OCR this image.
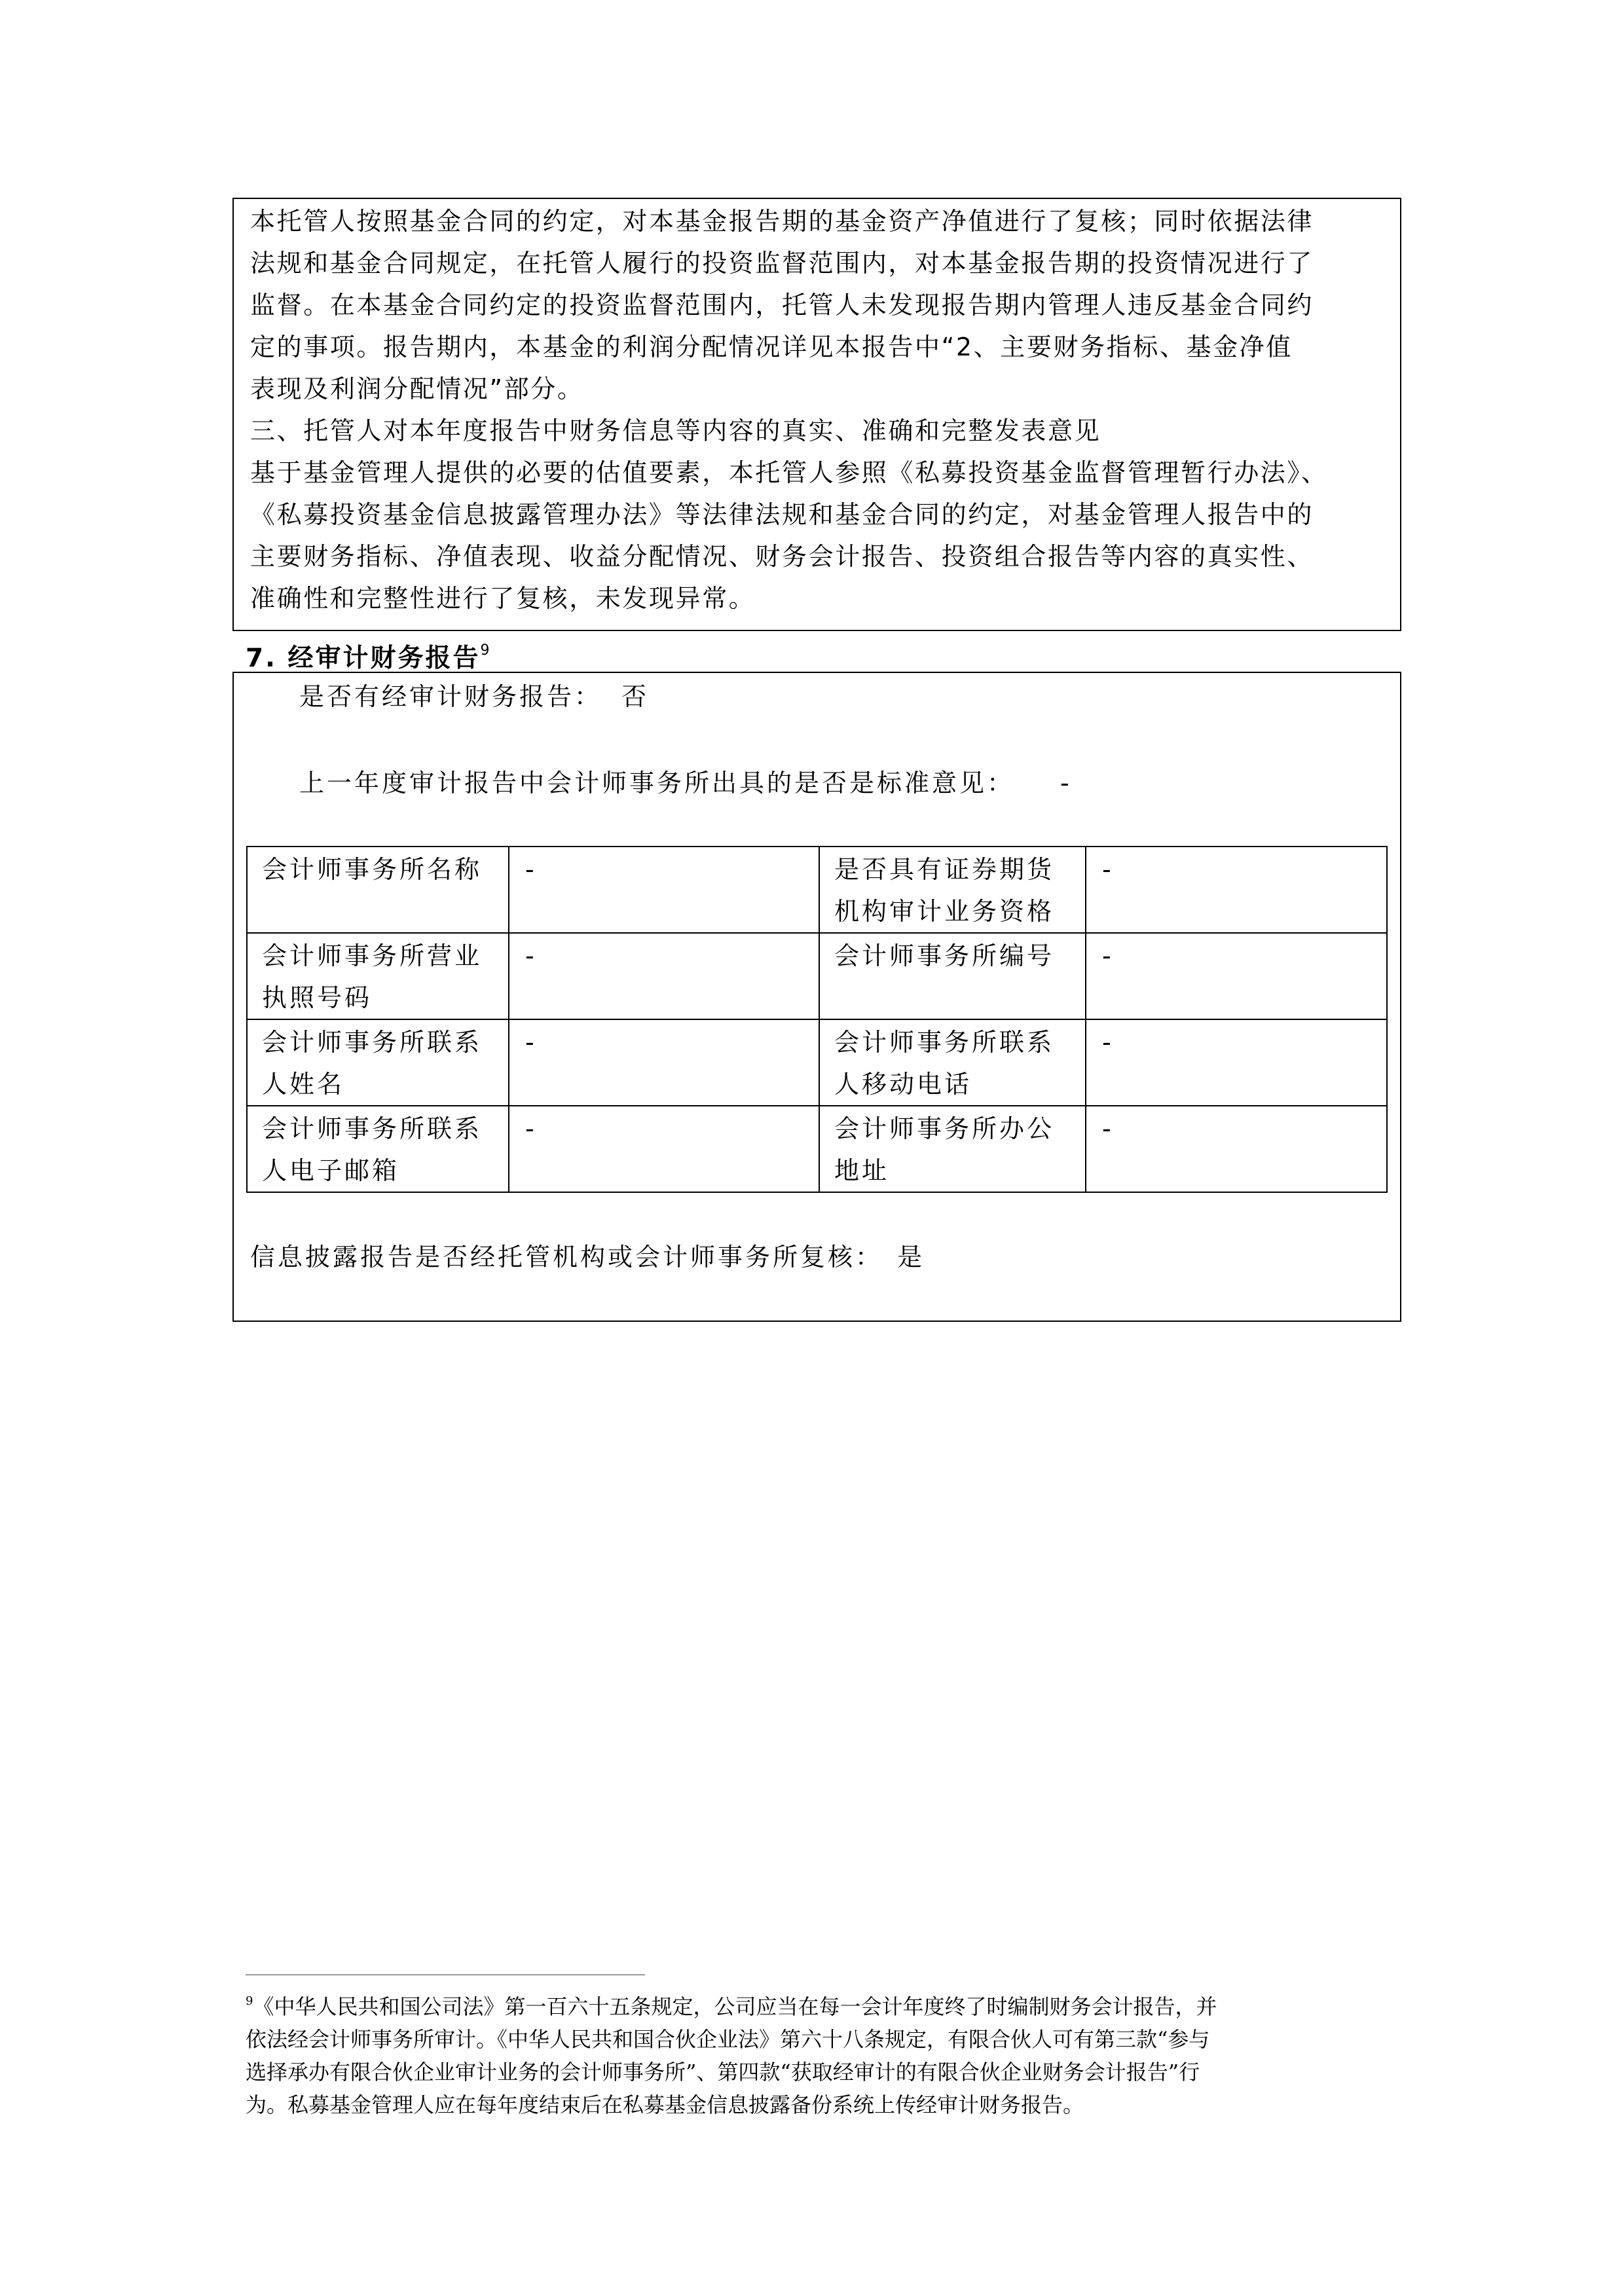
本托管人按照基金合同的约定，对本基金报告期的基金资产净值进行了复核；同时依据法律
法规和基金合同规定，在托管人履行的投资监督范围内，对本基金报告期的投资情况进行了
监督。在本基金合同约定的投资监督范围内，托管人未发现报告期内管理人违反基金合同约
定的事项。报告期内，本基金的利润分配情况详见本报告中“2、主要财务指标、基金净值
表现及利润分配情况”部分。
三、托管人对本年度报告中财务信息等内容的真实、准确和完整发表意见
基于基金管理人提供的必要的估值要素，本托管人参照《私募投资基金监督管理暂行办法》、
《私募投资基金信息披露管理办法》等法律法规和基金合同的约定，对基金管理人报告中的
主要财务指标、净值表现、收益分配情况、财务会计报告、投资组合报告等内容的真实性、
准确性和完整性进行了复核，未发现异常。
7. 经审计财务报告$^9$
是否有经审计财务报告： 否
上一年度审计报告中会计师事务所出具的是否是标准意见： -
会计师事务所名称	-	是否具有证券期货机构审计业务资格	-
会计师事务所营业执照号码	-	会计师事务所编号	-
会计师事务所联系人姓名	-	会计师事务所联系人移动电话	-
会计师事务所联系人电子邮箱	-	会计师事务所办公地址	-
信息披露报告是否经托管机构或会计师事务所复核： 是
$^9$《中华人民共和国公司法》第一百六十五条规定，公司应当在每一会计年度终了时编制财务会计报告，并
依法经会计师事务所审计。《中华人民共和国合伙企业法》第六十八条规定，有限合伙人可有第三款“参与
选择承办有限合伙企业审计业务的会计师事务所”、第四款“获取经审计的有限合伙企业财务会计报告”行
为。私募基金管理人应在每年度结束后在私募基金信息披露备份系统上传经审计财务报告。
